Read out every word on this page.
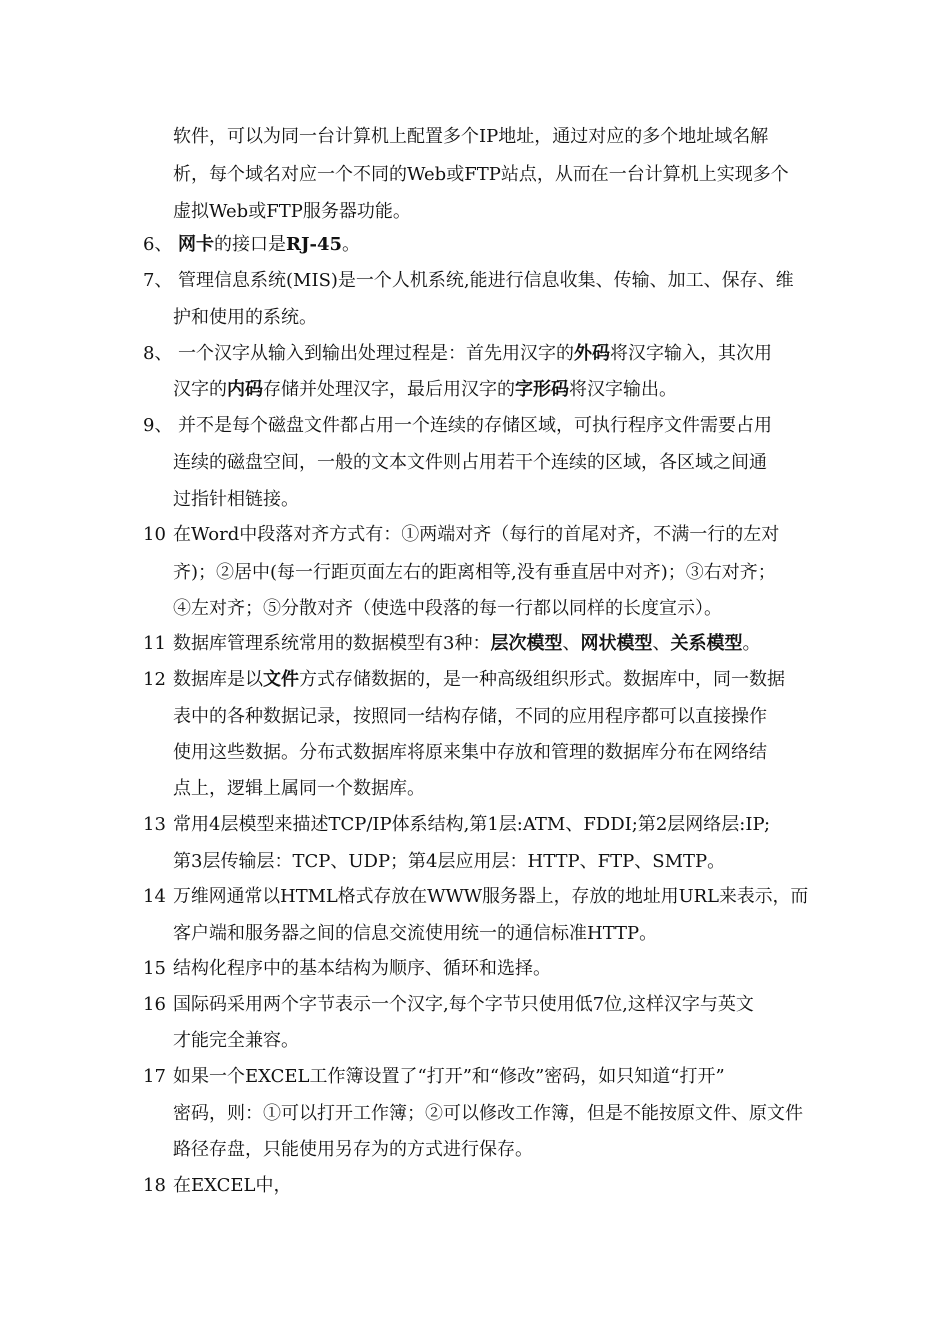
软件，可以为同一台计算机上配置多个IP地址，通过对应的多个地址域名解
析，每个域名对应一个不同的Web或FTP站点，从而在一台计算机上实现多个
虚拟Web或FTP服务器功能。
6、 网卡的接口是RJ-45。
7、 管理信息系统(MIS)是一个人机系统,能进行信息收集、传输、加工、保存、维
护和使用的系统。
8、 一个汉字从输入到输出处理过程是：首先用汉字的外码将汉字输入，其次用
汉字的内码存储并处理汉字，最后用汉字的字形码将汉字输出。
9、 并不是每个磁盘文件都占用一个连续的存储区域，可执行程序文件需要占用
连续的磁盘空间，一般的文本文件则占用若干个连续的区域，各区域之间通
过指针相链接。
10 在Word中段落对齐方式有：①两端对齐（每行的首尾对齐，不满一行的左对
齐)；②居中(每一行距页面左右的距离相等,没有垂直居中对齐)；③右对齐；
④左对齐；⑤分散对齐（使选中段落的每一行都以同样的长度宣示）。
11 数据库管理系统常用的数据模型有3种：层次模型、网状模型、关系模型。
12 数据库是以文件方式存储数据的，是一种高级组织形式。数据库中，同一数据
表中的各种数据记录，按照同一结构存储，不同的应用程序都可以直接操作
使用这些数据。分布式数据库将原来集中存放和管理的数据库分布在网络结
点上，逻辑上属同一个数据库。
13 常用4层模型来描述TCP/IP体系结构,第1层:ATM、FDDI;第2层网络层:IP;
第3层传输层：TCP、UDP；第4层应用层：HTTP、FTP、SMTP。
14 万维网通常以HTML格式存放在WWW服务器上，存放的地址用URL来表示，而
客户端和服务器之间的信息交流使用统一的通信标准HTTP。
15 结构化程序中的基本结构为顺序、循环和选择。
16 国际码采用两个字节表示一个汉字,每个字节只使用低7位,这样汉字与英文
才能完全兼容。
17 如果一个EXCEL工作簿设置了“打开”和“修改”密码，如只知道“打开”
密码，则：①可以打开工作簿；②可以修改工作簿，但是不能按原文件、原文件
路径存盘，只能使用另存为的方式进行保存。
18 在EXCEL中，
